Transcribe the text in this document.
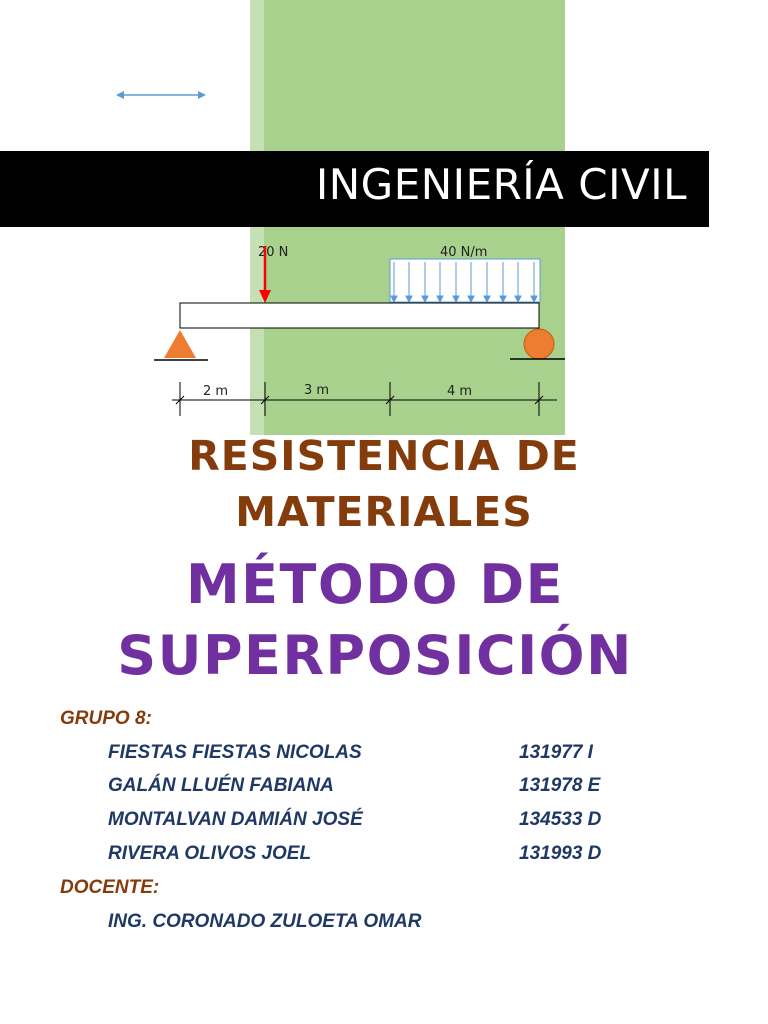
40 N/m
20 N
2 m	3 m	4 m
INGENIERÍA CIVIL
RESISTENCIA DE
MATERIALES
MÉTODO DE
SUPERPOSICIÓN
GRUPO 8:
FIESTAS FIESTAS NICOLAS	131977 I
GALÁN LLUÉN FABIANA	131978 E
MONTALVAN DAMIÁN JOSÉ	134533 D
RIVERA OLIVOS JOEL	131993 D
DOCENTE:
ING. CORONADO ZULOETA OMAR
